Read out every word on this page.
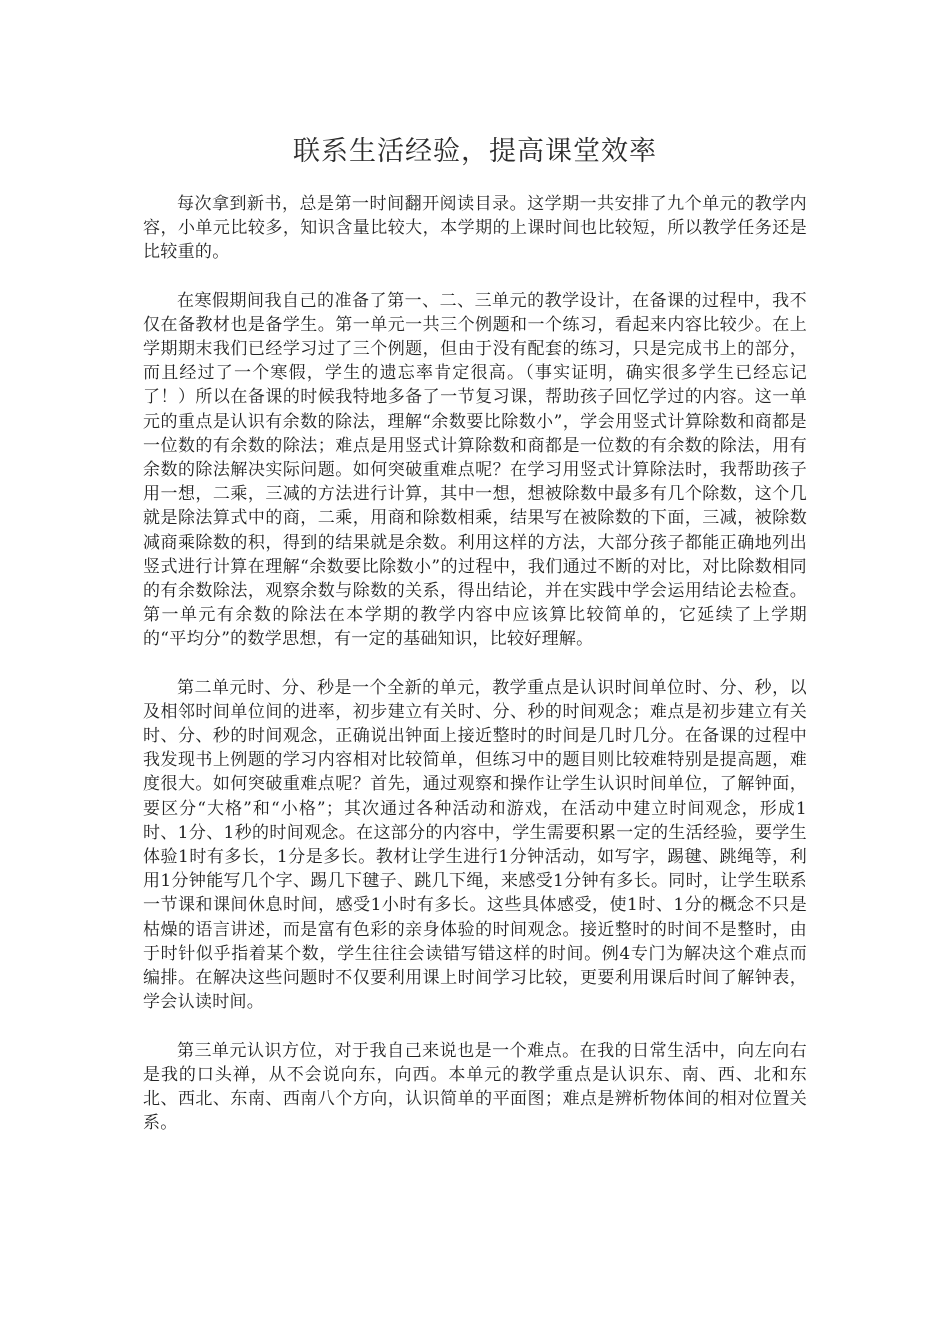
联系生活经验，提高课堂效率

每次拿到新书，总是第一时间翻开阅读目录。这学期一共安排了九个单元的教学内容，小单元比较多，知识含量比较大，本学期的上课时间也比较短，所以教学任务还是比较重的。

在寒假期间我自己的准备了第一、二、三单元的教学设计，在备课的过程中，我不仅在备教材也是备学生。第一单元一共三个例题和一个练习，看起来内容比较少。在上学期期末我们已经学习过了三个例题，但由于没有配套的练习，只是完成书上的部分，而且经过了一个寒假，学生的遗忘率肯定很高。（事实证明，确实很多学生已经忘记了！）所以在备课的时候我特地多备了一节复习课，帮助孩子回忆学过的内容。这一单元的重点是认识有余数的除法，理解“余数要比除数小”，学会用竖式计算除数和商都是一位数的有余数的除法；难点是用竖式计算除数和商都是一位数的有余数的除法，用有余数的除法解决实际问题。如何突破重难点呢？在学习用竖式计算除法时，我帮助孩子用一想，二乘，三减的方法进行计算，其中一想，想被除数中最多有几个除数，这个几就是除法算式中的商，二乘，用商和除数相乘，结果写在被除数的下面，三减，被除数减商乘除数的积，得到的结果就是余数。利用这样的方法，大部分孩子都能正确地列出竖式进行计算在理解“余数要比除数小”的过程中，我们通过不断的对比，对比除数相同的有余数除法，观察余数与除数的关系，得出结论，并在实践中学会运用结论去检查。第一单元有余数的除法在本学期的教学内容中应该算比较简单的，它延续了上学期的“平均分”的数学思想，有一定的基础知识，比较好理解。

第二单元时、分、秒是一个全新的单元，教学重点是认识时间单位时、分、秒，以及相邻时间单位间的进率，初步建立有关时、分、秒的时间观念；难点是初步建立有关时、分、秒的时间观念，正确说出钟面上接近整时的时间是几时几分。在备课的过程中我发现书上例题的学习内容相对比较简单，但练习中的题目则比较难特别是提高题，难度很大。如何突破重难点呢？首先，通过观察和操作让学生认识时间单位，了解钟面，要区分“大格”和“小格”；其次通过各种活动和游戏，在活动中建立时间观念，形成1时、1分、1秒的时间观念。在这部分的内容中，学生需要积累一定的生活经验，要学生体验1时有多长，1分是多长。教材让学生进行1分钟活动，如写字，踢毽、跳绳等，利用1分钟能写几个字、踢几下毽子、跳几下绳，来感受1分钟有多长。同时，让学生联系一节课和课间休息时间，感受1小时有多长。这些具体感受，使1时、1分的概念不只是枯燥的语言讲述，而是富有色彩的亲身体验的时间观念。接近整时的时间不是整时，由于时针似乎指着某个数，学生往往会读错写错这样的时间。例4专门为解决这个难点而编排。在解决这些问题时不仅要利用课上时间学习比较，更要利用课后时间了解钟表，学会认读时间。

第三单元认识方位，对于我自己来说也是一个难点。在我的日常生活中，向左向右是我的口头禅，从不会说向东，向西。本单元的教学重点是认识东、南、西、北和东北、西北、东南、西南八个方向，认识简单的平面图；难点是辨析物体间的相对位置关系。
